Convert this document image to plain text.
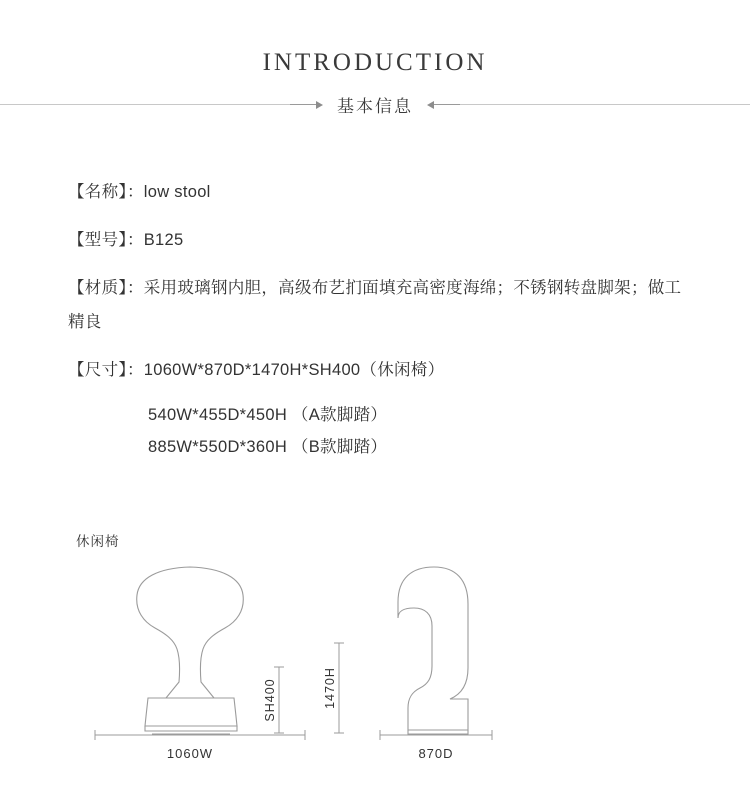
INTRODUCTION
基本信息
【名称】：low stool
【型号】：B125
【材质】：采用玻璃钢内胆，高级布艺扪面填充高密度海绵；不锈钢转盘脚架；做工精良
【尺寸】：1060W*870D*1470H*SH400（休闲椅）
540W*455D*450H （A款脚踏）
885W*550D*360H （B款脚踏）
休闲椅
SH400
1060W
1470H
870D
